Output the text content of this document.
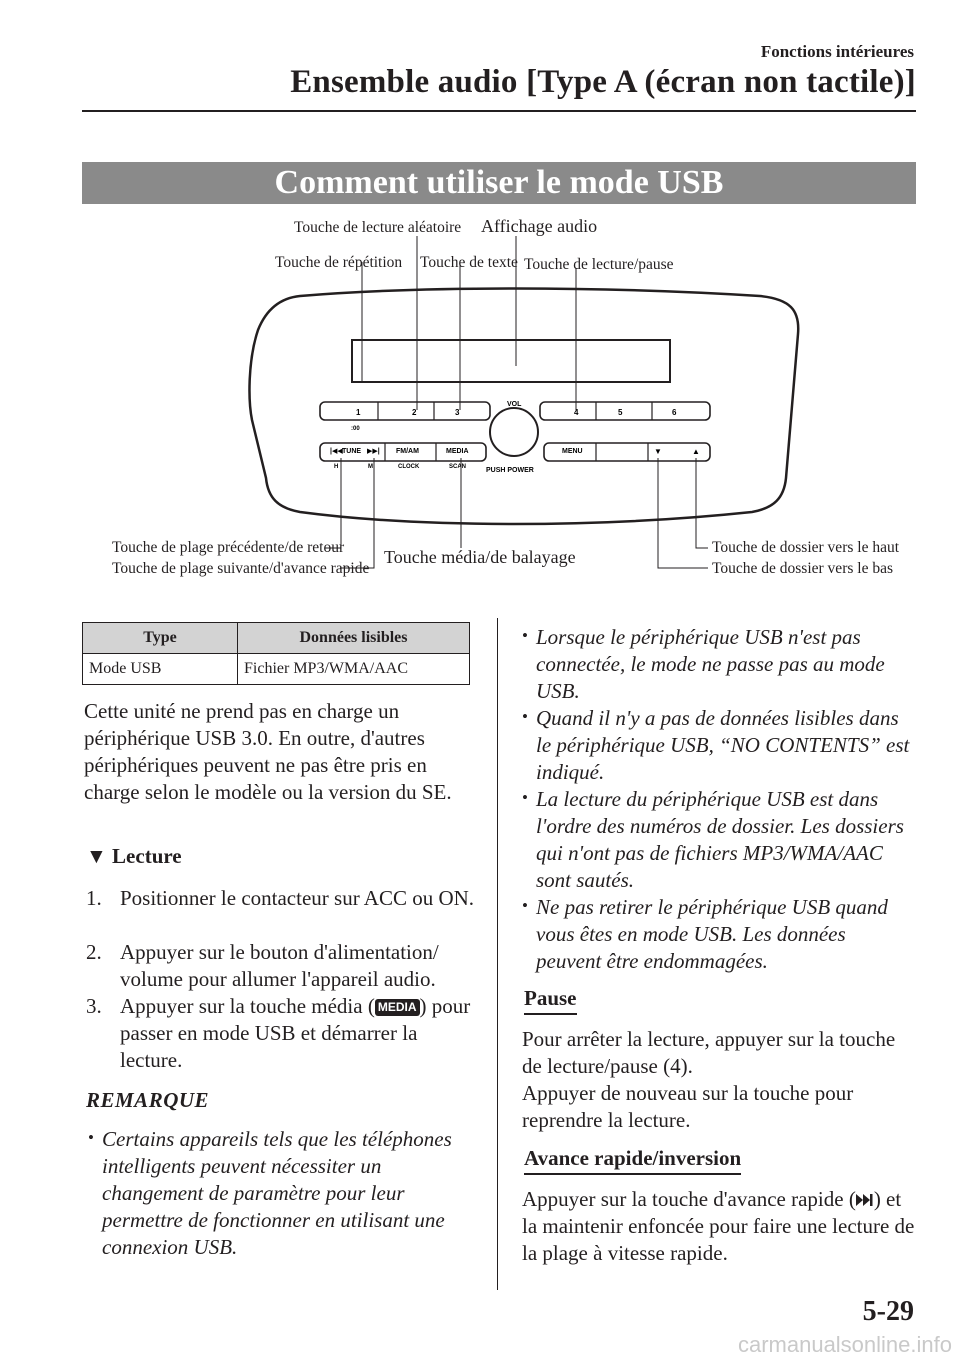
Fonctions intérieures
Ensemble audio [Type A (écran non tactile)]
Comment utiliser le mode USB
1	2	3	4	5	6
:00
VOL
PUSH POWER
|◀◀ TUNE ▶▶| FM/AM	MEDIA
H	M	CLOCK	SCAN
MENU	▼	▲
Touche de lecture aléatoire Affichage audio
Touche de répétition Touche de texte Touche de lecture/pause
Touche de plage précédente/de retour
Touche de plage suivante/d'avance rapide
Touche média/de balayage	Touche de dossier vers le haut
Touche de dossier vers le bas
Type	Données lisibles
Mode USB	Fichier MP3/WMA/AAC
Cette unité ne prend pas en charge un périphérique USB 3.0. En outre, d'autres périphériques peuvent ne pas être pris en charge selon le modèle ou la version du SE.
▼ Lecture
1. Positionner le contacteur sur ACC ou ON.
2. Appuyer sur le bouton d'alimentation/ volume pour allumer l'appareil audio.
3. Appuyer sur la touche média ( MEDIA ) pour passer en mode USB et démarrer la lecture.
REMARQUE
• Certains appareils tels que les téléphones intelligents peuvent nécessiter un changement de paramètre pour leur permettre de fonctionner en utilisant une connexion USB.
• Lorsque le périphérique USB n'est pas connectée, le mode ne passe pas au mode USB.
• Quand il n'y a pas de données lisibles dans le périphérique USB, “NO CONTENTS” est indiqué.
• La lecture du périphérique USB est dans l'ordre des numéros de dossier. Les dossiers qui n'ont pas de fichiers MP3/WMA/AAC sont sautés.
• Ne pas retirer le périphérique USB quand vous êtes en mode USB. Les données peuvent être endommagées.
Pause
Pour arrêter la lecture, appuyer sur la touche de lecture/pause (4).
Appuyer de nouveau sur la touche pour reprendre la lecture.
Avance rapide/inversion
Appuyer sur la touche d'avance rapide ( ) et la maintenir enfoncée pour faire une lecture de la plage à vitesse rapide.
5-29
carmanualsonline.info
